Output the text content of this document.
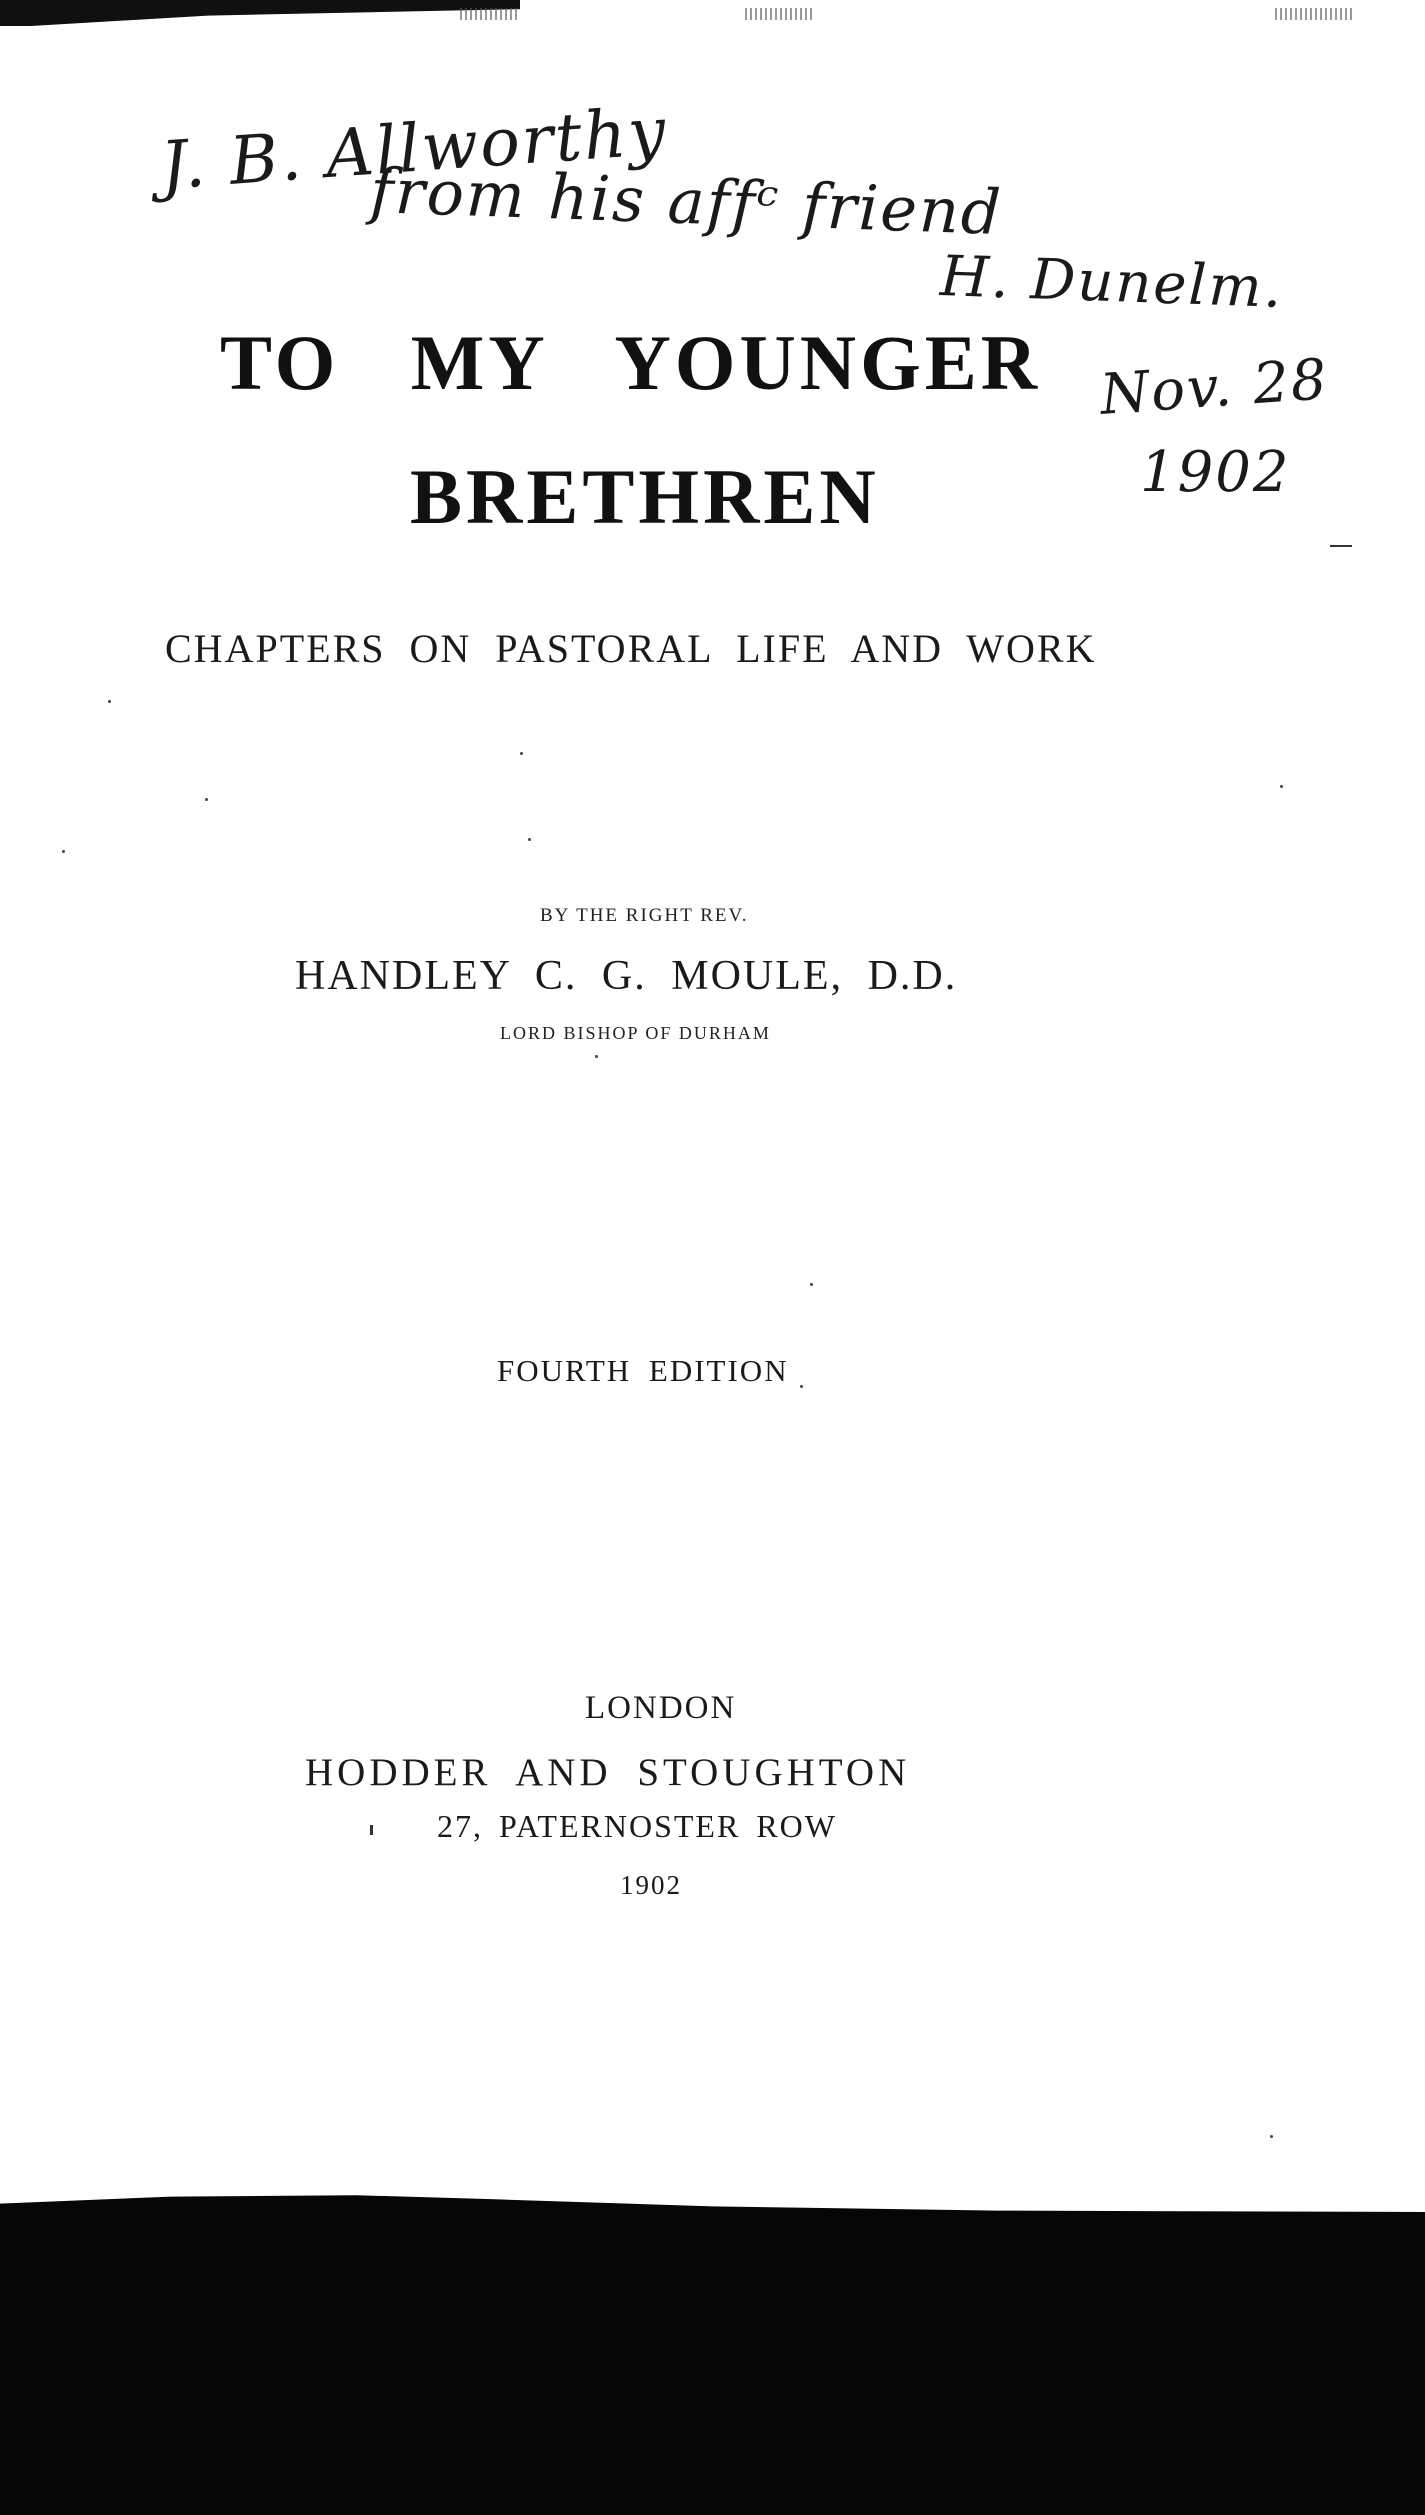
J. B. Allworthy
from his affᶜ friend
H. Dunelm.
Nov. 28
1902
TO MY YOUNGER
BRETHREN
CHAPTERS ON PASTORAL LIFE AND WORK
BY THE RIGHT REV.
HANDLEY C. G. MOULE, D.D.
LORD BISHOP OF DURHAM
FOURTH EDITION
LONDON
HODDER AND STOUGHTON
27, PATERNOSTER ROW
1902
